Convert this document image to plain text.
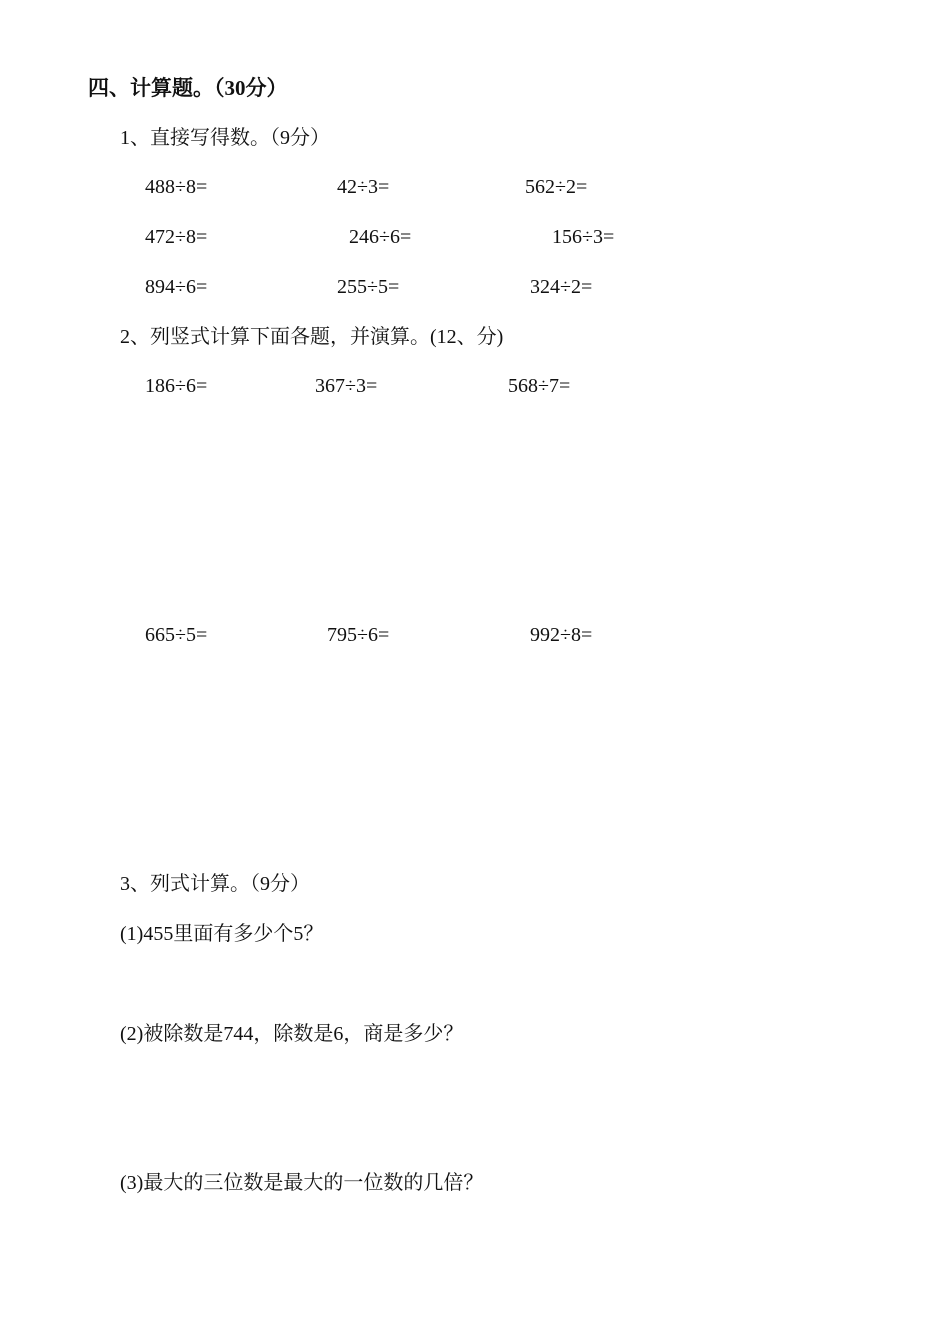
四、计算题。（30分）
1、直接写得数。（9分）
488÷8=	42÷3=	562÷2=
472÷8=	246÷6=	156÷3=
894÷6=	255÷5=	324÷2=
2、列竖式计算下面各题，并演算。(12、分)
186÷6=	367÷3=	568÷7=
665÷5=	795÷6=	992÷8=
3、列式计算。（9分）
(1)455里面有多少个5？
(2)被除数是744，除数是6，商是多少？
(3)最大的三位数是最大的一位数的几倍？
